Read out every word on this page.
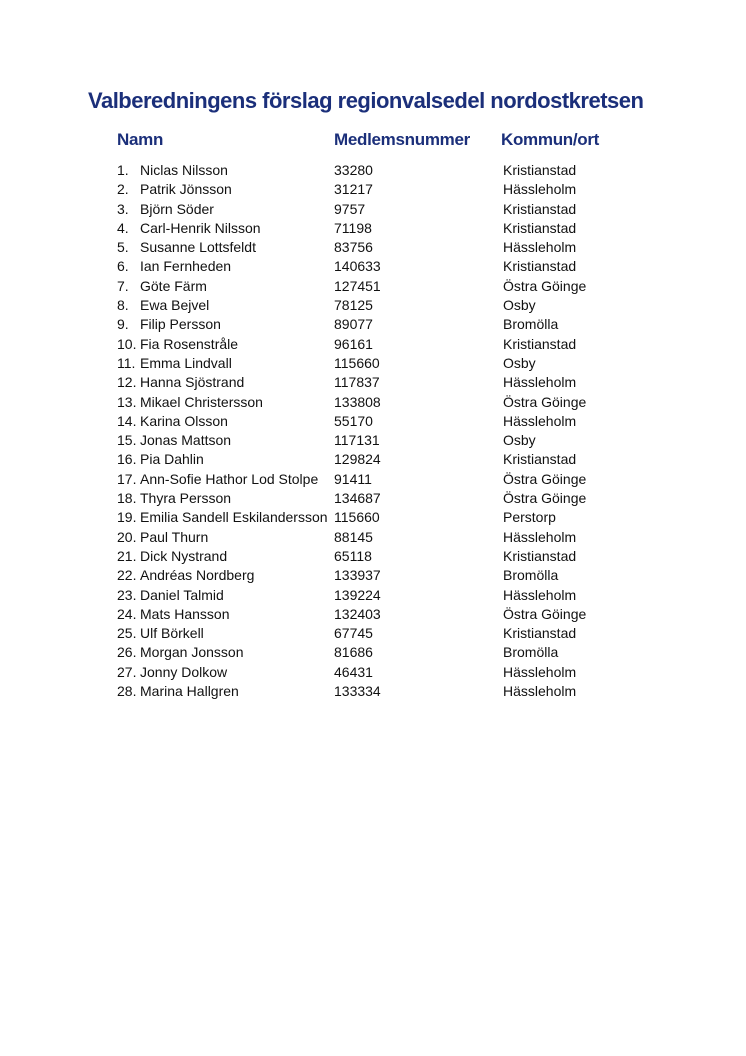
Valberedningens förslag regionvalsedel nordostkretsen
Namn	Medlemsnummer Kommun/ort
1. Niclas Nilsson	33280	Kristianstad
2. Patrik Jönsson	31217	Hässleholm
3. Björn Söder	9757	Kristianstad
4. Carl-Henrik Nilsson	71198	Kristianstad
5. Susanne Lottsfeldt	83756	Hässleholm
6. Ian Fernheden	140633	Kristianstad
7. Göte Färm	127451	Östra Göinge
8. Ewa Bejvel	78125	Osby
9. Filip Persson	89077	Bromölla
10. Fia Rosenstråle	96161	Kristianstad
11. Emma Lindvall	115660	Osby
12. Hanna Sjöstrand	117837	Hässleholm
13. Mikael Christersson	133808	Östra Göinge
14. Karina Olsson	55170	Hässleholm
15. Jonas Mattson	117131	Osby
16. Pia Dahlin	129824	Kristianstad
17. Ann-Sofie Hathor Lod Stolpe 91411	Östra Göinge
18. Thyra Persson	134687	Östra Göinge
19. Emilia Sandell Eskilandersson 115660	Perstorp
20. Paul Thurn	88145	Hässleholm
21. Dick Nystrand	65118	Kristianstad
22. Andréas Nordberg	133937	Bromölla
23. Daniel Talmid	139224	Hässleholm
24. Mats Hansson	132403	Östra Göinge
25. Ulf Börkell	67745	Kristianstad
26. Morgan Jonsson	81686	Bromölla
27. Jonny Dolkow	46431	Hässleholm
28. Marina Hallgren	133334	Hässleholm
